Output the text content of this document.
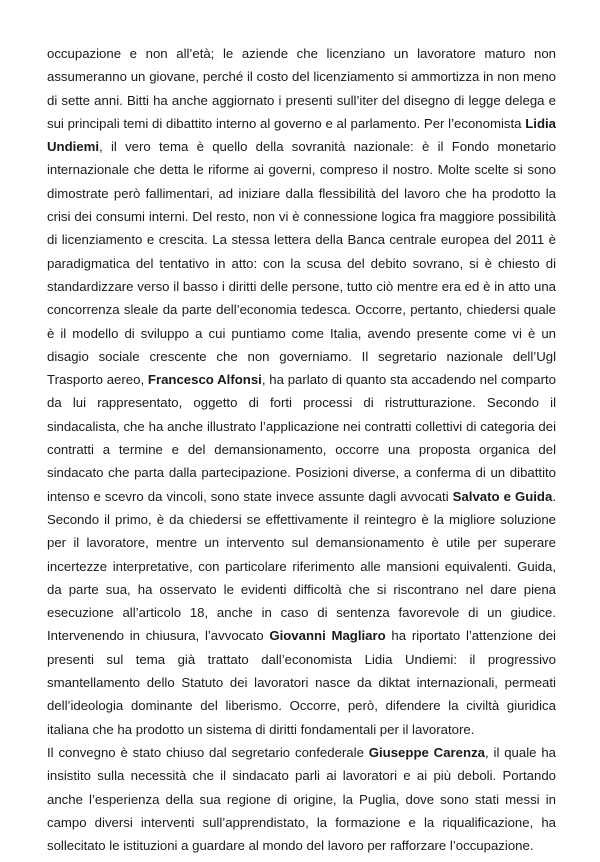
occupazione e non all’età; le aziende che licenziano un lavoratore maturo non assumeranno un giovane, perché il costo del licenziamento si ammortizza in non meno di sette anni. Bitti ha anche aggiornato i presenti sull’iter del disegno di legge delega e sui principali temi di dibattito interno al governo e al parlamento. Per l’economista Lidia Undiemi, il vero tema è quello della sovranità nazionale: è il Fondo monetario internazionale che detta le riforme ai governi, compreso il nostro. Molte scelte si sono dimostrate però fallimentari, ad iniziare dalla flessibilità del lavoro che ha prodotto la crisi dei consumi interni. Del resto, non vi è connessione logica fra maggiore possibilità di licenziamento e crescita. La stessa lettera della Banca centrale europea del 2011 è paradigmatica del tentativo in atto: con la scusa del debito sovrano, si è chiesto di standardizzare verso il basso i diritti delle persone, tutto ciò mentre era ed è in atto una concorrenza sleale da parte dell’economia tedesca. Occorre, pertanto, chiedersi quale è il modello di sviluppo a cui puntiamo come Italia, avendo presente come vi è un disagio sociale crescente che non governiamo. Il segretario nazionale dell’Ugl Trasporto aereo, Francesco Alfonsi, ha parlato di quanto sta accadendo nel comparto da lui rappresentato, oggetto di forti processi di ristrutturazione. Secondo il sindacalista, che ha anche illustrato l’applicazione nei contratti collettivi di categoria dei contratti a termine e del demansionamento, occorre una proposta organica del sindacato che parta dalla partecipazione. Posizioni diverse, a conferma di un dibattito intenso e scevro da vincoli, sono state invece assunte dagli avvocati Salvato e Guida. Secondo il primo, è da chiedersi se effettivamente il reintegro è la migliore soluzione per il lavoratore, mentre un intervento sul demansionamento è utile per superare incertezze interpretative, con particolare riferimento alle mansioni equivalenti. Guida, da parte sua, ha osservato le evidenti difficoltà che si riscontrano nel dare piena esecuzione all’articolo 18, anche in caso di sentenza favorevole di un giudice. Intervenendo in chiusura, l’avvocato Giovanni Magliaro ha riportato l’attenzione dei presenti sul tema già trattato dall’economista Lidia Undiemi: il progressivo smantellamento dello Statuto dei lavoratori nasce da diktat internazionali, permeati dell’ideologia dominante del liberismo. Occorre, però, difendere la civiltà giuridica italiana che ha prodotto un sistema di diritti fondamentali per il lavoratore.

Il convegno è stato chiuso dal segretario confederale Giuseppe Carenza, il quale ha insistito sulla necessità che il sindacato parli ai lavoratori e ai più deboli. Portando anche l’esperienza della sua regione di origine, la Puglia, dove sono stati messi in campo diversi interventi sull’apprendistato, la formazione e la riqualificazione, ha sollecitato le istituzioni a guardare al mondo del lavoro per rafforzare l’occupazione.
